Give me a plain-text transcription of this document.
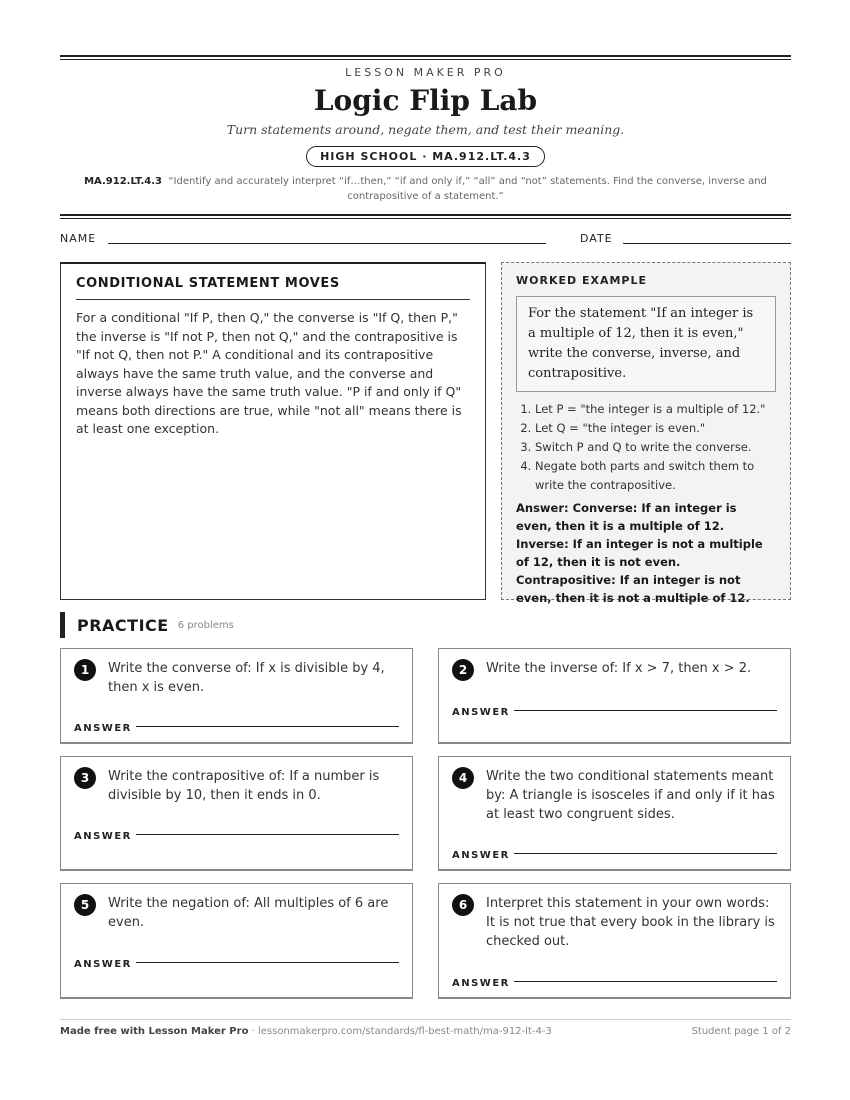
LESSON MAKER PRO
Logic Flip Lab
Turn statements around, negate them, and test their meaning.
HIGH SCHOOL · MA.912.LT.4.3
MA.912.LT.4.3 “Identify and accurately interpret “if…then,” “if and only if,” “all” and “not” statements. Find the converse, inverse and contrapositive of a statement.”
NAME	DATE
CONDITIONAL STATEMENT MOVES

For a conditional "If P, then Q," the converse is "If Q, then P," the inverse is "If not P, then not Q," and the contrapositive is "If not Q, then not P." A conditional and its contrapositive always have the same truth value, and the converse and inverse always have the same truth value. "P if and only if Q" means both directions are true, while "not all" means there is at least one exception.

WORKED EXAMPLE
For the statement "If an integer is a multiple of 12, then it is even," write the converse, inverse, and contrapositive.
1. Let P = "the integer is a multiple of 12."
2. Let Q = "the integer is even."
3. Switch P and Q to write the converse.
4. Negate both parts and switch them to write the contrapositive.
Answer: Converse: If an integer is even, then it is a multiple of 12. Inverse: If an integer is not a multiple of 12, then it is not even. Contrapositive: If an integer is not even, then it is not a multiple of 12.
PRACTICE 6 problems
1	Write the converse of: If x is divisible by 4, then x is even.
ANSWER
2	Write the inverse of: If x > 7, then x > 2.
ANSWER
3	Write the contrapositive of: If a number is divisible by 10, then it ends in 0.
ANSWER
4	Write the two conditional statements meant by: A triangle is isosceles if and only if it has at least two congruent sides.
ANSWER
5	Write the negation of: All multiples of 6 are even.
ANSWER
6	Interpret this statement in your own words: It is not true that every book in the library is checked out.
ANSWER
Made free with Lesson Maker Pro · lessonmakerpro.com/standards/fl-best-math/ma-912-lt-4-3	Student page 1 of 2
